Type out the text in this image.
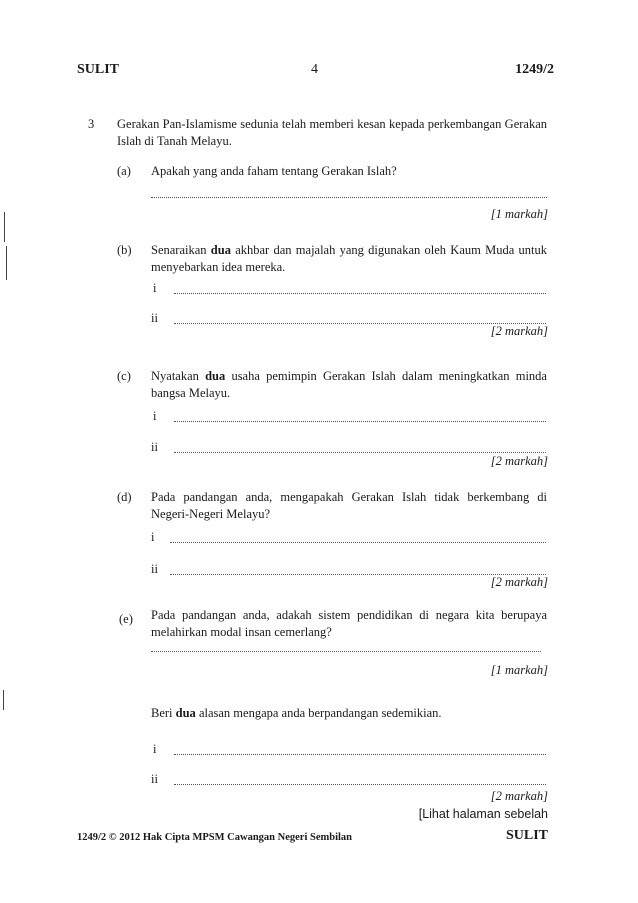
SULIT	4	1249/2
3 Gerakan Pan-Islamisme sedunia telah memberi kesan kepada perkembangan Gerakan Islah di Tanah Melayu.
(a) Apakah yang anda faham tentang Gerakan Islah?
[1 markah]
(b) Senaraikan dua akhbar dan majalah yang digunakan oleh Kaum Muda untuk menyebarkan idea mereka.
i
ii
[2 markah]
(c) Nyatakan dua usaha pemimpin Gerakan Islah dalam meningkatkan minda bangsa Melayu.
i
ii
[2 markah]
(d) Pada pandangan anda, mengapakah Gerakan Islah tidak berkembang di Negeri-Negeri Melayu?
i
ii
[2 markah]
(e) Pada pandangan anda, adakah sistem pendidikan di negara kita berupaya melahirkan modal insan cemerlang?
[1 markah]
Beri dua alasan mengapa anda berpandangan sedemikian.
i
ii
[2 markah]
[Lihat halaman sebelah
1249/2 © 2012 Hak Cipta MPSM Cawangan Negeri Sembilan	SULIT
